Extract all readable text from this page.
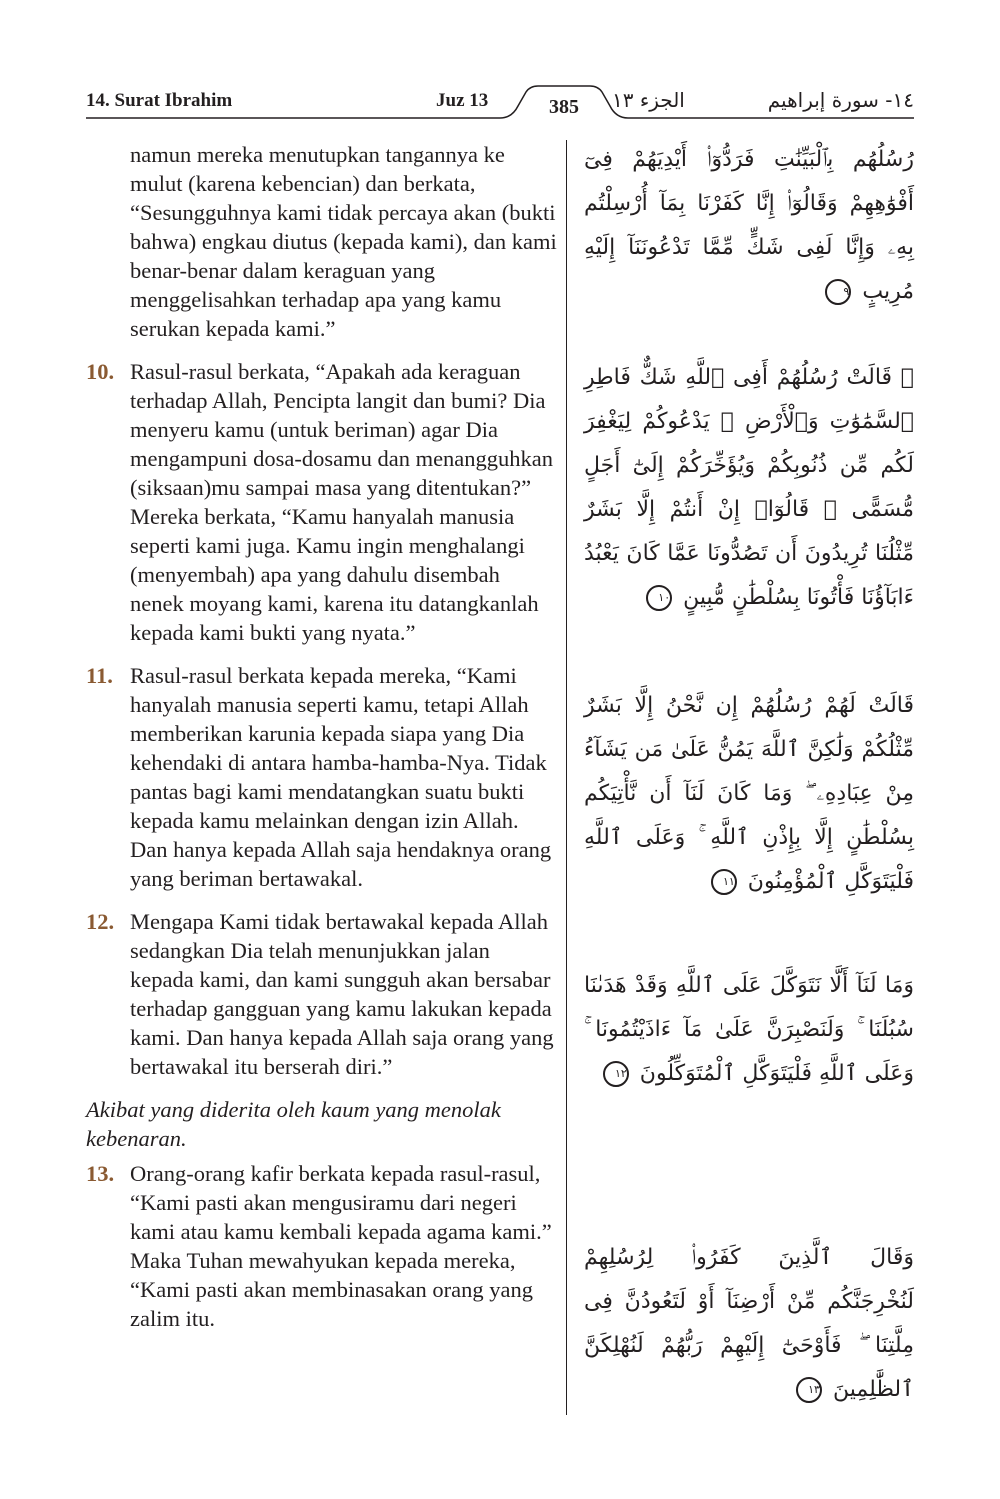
14. Surat Ibrahim	Juz 13	385	الجزء ١٣	١٤- سورة إبراهيم
namun mereka menutupkan tangannya ke mulut (karena kebencian) dan berkata, “Sesungguhnya kami tidak percaya akan (bukti bahwa) engkau diutus (kepada kami), dan kami benar-benar dalam keraguan yang menggelisahkan terhadap apa yang kamu serukan kepada kami.”
10. Rasul-rasul berkata, “Apakah ada keraguan terhadap Allah, Pencipta langit dan bumi? Dia menyeru kamu (untuk beriman) agar Dia mengampuni dosa-dosamu dan menangguhkan (siksaan)mu sampai masa yang ditentukan?” Mereka berkata, “Kamu hanyalah manusia seperti kami juga. Kamu ingin menghalangi (menyembah) apa yang dahulu disembah nenek moyang kami, karena itu datangkanlah kepada kami bukti yang nyata.”
11. Rasul-rasul berkata kepada mereka, “Kami hanyalah manusia seperti kamu, tetapi Allah memberikan karunia kepada siapa yang Dia kehendaki di antara hamba-hamba-Nya. Tidak pantas bagi kami mendatangkan suatu bukti kepada kamu melainkan dengan izin Allah. Dan hanya kepada Allah saja hendaknya orang yang beriman bertawakal.
12. Mengapa Kami tidak bertawakal kepada Allah sedangkan Dia telah menunjukkan jalan kepada kami, dan kami sungguh akan bersabar terhadap gangguan yang kamu lakukan kepada kami. Dan hanya kepada Allah saja orang yang bertawakal itu berserah diri.”
Akibat yang diderita oleh kaum yang menolak kebenaran.
13. Orang-orang kafir berkata kepada rasul-rasul, “Kami pasti akan mengusiramu dari negeri kami atau kamu kembali kepada agama kami.” Maka Tuhan mewahyukan kepada mereka, “Kami pasti akan membinasakan orang yang zalim itu.
رُسُلُهُم بِٱلْبَيِّنَٰتِ فَرَدُّوٓا۟ أَيْدِيَهُمْ فِىٓ أَفْوَٰهِهِمْ وَقَالُوٓا۟ إِنَّا كَفَرْنَا بِمَآ أُرْسِلْتُم بِهِۦ وَإِنَّا لَفِى شَكٍّ مِّمَّا تَدْعُونَنَآ إِلَيْهِ مُرِيبٍ ٩
۞ قَالَتْ رُسُلُهُمْ أَفِى ٱللَّهِ شَكٌّ فَاطِرِ ٱلسَّمَٰوَٰتِ وَٱلْأَرْضِ ۖ يَدْعُوكُمْ لِيَغْفِرَ لَكُم مِّن ذُنُوبِكُمْ وَيُؤَخِّرَكُمْ إِلَىٰٓ أَجَلٍ مُّسَمًّى ۚ قَالُوٓا۟ إِنْ أَنتُمْ إِلَّا بَشَرٌ مِّثْلُنَا تُرِيدُونَ أَن تَصُدُّونَا عَمَّا كَانَ يَعْبُدُ ءَابَآؤُنَا فَأْتُونَا بِسُلْطَٰنٍ مُّبِينٍ ١٠
قَالَتْ لَهُمْ رُسُلُهُمْ إِن نَّحْنُ إِلَّا بَشَرٌ مِّثْلُكُمْ وَلَٰكِنَّ ٱللَّهَ يَمُنُّ عَلَىٰ مَن يَشَآءُ مِنْ عِبَادِهِۦ ۖ وَمَا كَانَ لَنَآ أَن نَّأْتِيَكُم بِسُلْطَٰنٍ إِلَّا بِإِذْنِ ٱللَّهِ ۚ وَعَلَى ٱللَّهِ فَلْيَتَوَكَّلِ ٱلْمُؤْمِنُونَ ١١
وَمَا لَنَآ أَلَّا نَتَوَكَّلَ عَلَى ٱللَّهِ وَقَدْ هَدَىٰنَا سُبُلَنَا ۚ وَلَنَصْبِرَنَّ عَلَىٰ مَآ ءَاذَيْتُمُونَا ۚ وَعَلَى ٱللَّهِ فَلْيَتَوَكَّلِ ٱلْمُتَوَكِّلُونَ ١٢
وَقَالَ ٱلَّذِينَ كَفَرُوا۟ لِرُسُلِهِمْ لَنُخْرِجَنَّكُم مِّنْ أَرْضِنَآ أَوْ لَتَعُودُنَّ فِى مِلَّتِنَا ۖ فَأَوْحَىٰٓ إِلَيْهِمْ رَبُّهُمْ لَنُهْلِكَنَّ ٱلظَّٰلِمِينَ ١٣
